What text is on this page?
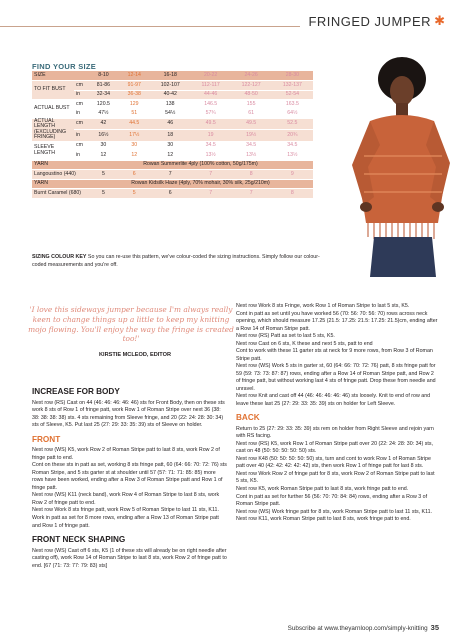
FRINGED JUMPER ✱
FIND YOUR SIZE
SIZE		8-10	12-14	16-18	20-22	24-26	28-30
TO FIT BUST	cm	81-86	91-97	102-107	112-117	122-127	132-137
	in	32-34	36-38	40-42	44-46	48-50	52-54
ACTUAL BUST	cm	120.5	129	138	146.5	155	163.5
	in	47½	51	54½	57¾	61	64½
ACTUAL LENGTH (EXCLUDING FRINGE)	cm	42	44.5	46	49.5	49.5	52.5
	in	16½	17½	18	19	19½	20¾
SLEEVE LENGTH	cm	30	30	30	34.5	34.5	34.5
	in	12	12	12	13½	13½	13½
YARN		Rowan Summerlite 4ply (100% cotton, 50g/175m)					
Langoustino (440)		5	6	7	7	8	9
YARN		Rowan Kidsilk Haze (4ply, 70% mohair, 30% silk, 25g/210m)					
Burnt Caramel (680)		5	5	6	7	7	8
SIZING COLOUR KEY So you can re-use this pattern, we've colour-coded the sizing instructions. Simply follow our colour-coded measurements and you're off.
'I love this sideways jumper because I'm always really keen to change things up a little to keep my knitting mojo flowing. You'll enjoy the way the fringe is created too!'
KIRSTIE MCLEOD, EDITOR
INCREASE FOR BODY

Next row (RS) Cast on 44 (46: 46: 46: 46: 46) sts for Front Body, then on these sts work 8 sts of Row 1 of fringe patt, work Row 1 of Roman Stripe over next 36 (38: 38: 38: 38: 38) sts. 4 sts remaining from Sleeve fringe, and 20 (22: 24: 28: 30: 34) sts of Sleeve, K5. Put last 25 (27: 29: 33: 35: 39) sts of Sleeve on holder.

FRONT

Next row (WS) K5, work Row 2 of Roman Stripe patt to last 8 sts, work Row 2 of fringe patt to end.

Cont on these sts in patt as set, working 8 sts fringe patt, 60 (64: 66: 70: 72: 76) sts Roman Stripe, and 5 sts garter st at shoulder until 57 (57: 71: 71: 85: 85) more rows have been worked, ending after a Row 3 of Roman Stripe patt and Row 1 of fringe patt.

Next row (WS) K11 (neck band), work Row 4 of Roman Stripe to last 8 sts, work Row 2 of fringe patt to end.

Next row Work 8 sts fringe patt, work Row 5 of Roman Stripe to last 11 sts, K11.

Work in patt as set for 8 more rows, ending after a Row 13 of Roman Stripe patt and Row 1 of fringe patt.

FRONT NECK SHAPING

Next row (WS) Cast off 6 sts, K5 (1 of these sts will already be on right needle after casting off), work Row 14 of Roman Stripe to last 8 sts, work Row 2 of fringe patt to end. [67 (71: 73: 77: 79: 83) sts]

Next row Work 8 sts Fringe, work Row 1 of Roman Stripe to last 5 sts, K5.

Cont in patt as set until you have worked 56 (70: 56: 70: 56: 70) rows across neck opening, which should measure 17.25 (21.5: 17.25: 21.5: 17.25: 21.5)cm, ending after a Row 14 of Roman Stripe patt.

Next row (RS) Patt as set to last 5 sts, K5.

Next row Cast on 6 sts, K these and next 5 sts, patt to end

Cont to work with these 11 garter sts at neck for 9 more rows, from Row 3 of Roman Stripe patt.

Next row (WS) Work 5 sts in garter st, 60 (64: 66: 70: 72: 76) patt, 8 sts fringe patt for 59 (59: 73: 73: 87: 87) rows, ending after a Row 14 of Roman Stripe patt, and Row 2 of fringe patt, but without working last 4 sts of fringe patt. Drop these from needle and unravel.

Next row Knit and cast off 44 (46: 46: 46: 46: 46) sts loosely. Knit to end of row and leave these last 25 (27: 29: 33: 35: 39) sts on holder for Left Sleeve.

BACK

Return to 25 (27: 29: 33: 35: 39) sts rem on holder from Right Sleeve and rejoin yarn with RS facing.

Next row (RS) K5, work Row 1 of Roman Stripe patt over 20 (22: 24: 28: 30: 34) sts, cast on 48 (50: 50: 50: 50: 50) sts.

Next row K48 (50: 50: 50: 50: 50) sts, turn and cont to work Row 1 of Roman Stripe patt over 40 (42: 42: 42: 42: 42) sts, then work Row 1 of fringe patt for last 8 sts.

Next row Work Row 2 of fringe patt for 8 sts, work Row 2 of Roman Stripe patt to last 5 sts, K5.

Next row K5, work Roman Stripe patt to last 8 sts, work fringe patt to end.

Cont in patt as set for further 56 (56: 70: 70: 84: 84) rows, ending after a Row 3 of Roman Stripe patt.

Next row (WS) Work fringe patt for 8 sts, work Roman Stripe patt to last 11 sts, K11.

Next row K11, work Roman Stripe patt to last 8 sts, work fringe patt to end.

Subscribe at www.theyarnloop.com/simply-knitting 35
